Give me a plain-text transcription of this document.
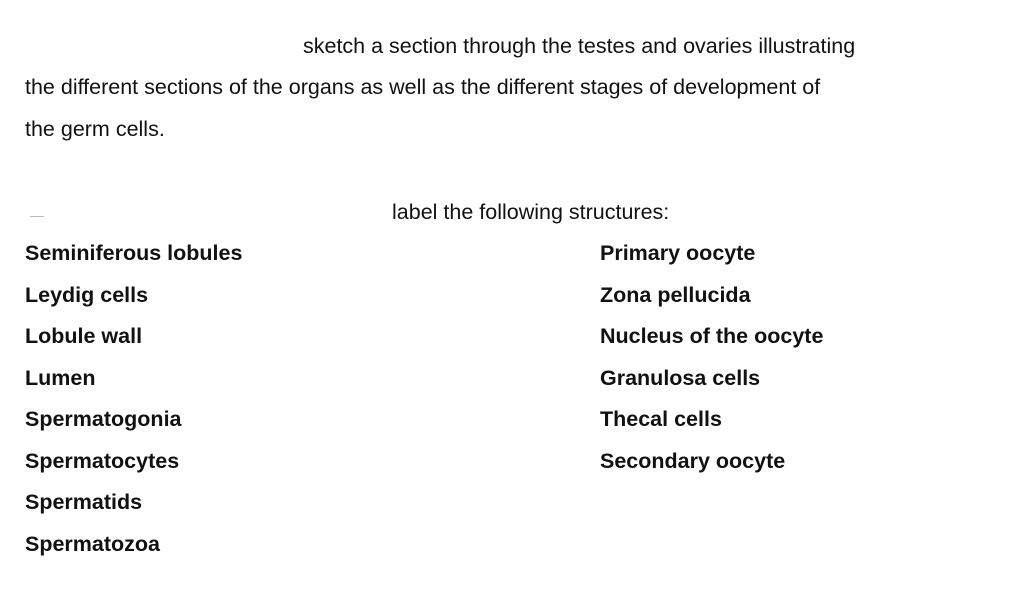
sketch a section through the testes and ovaries illustrating
the different sections of the organs as well as the different stages of development of
the germ cells.
label the following structures:
Seminiferous lobules
Leydig cells
Lobule wall
Lumen
Spermatogonia
Spermatocytes
Spermatids
Spermatozoa
Primary oocyte
Zona pellucida
Nucleus of the oocyte
Granulosa cells
Thecal cells
Secondary oocyte
